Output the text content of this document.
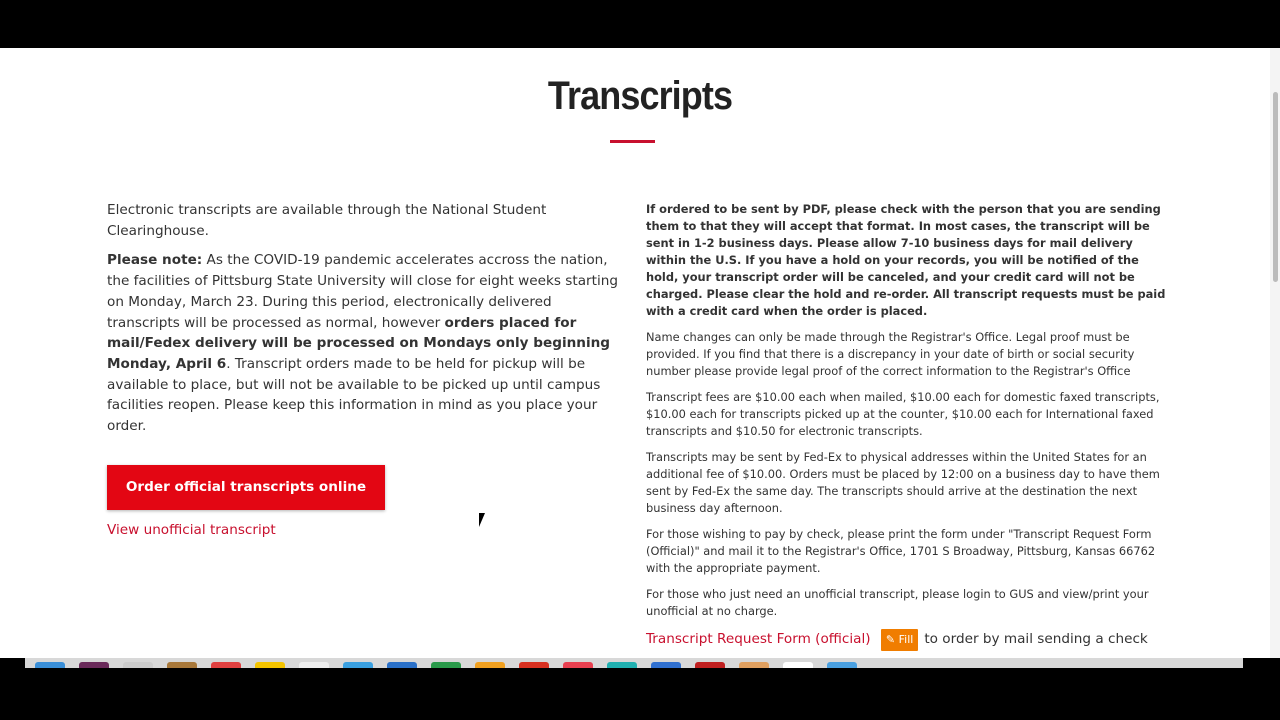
Transcripts

Electronic transcripts are available through the National Student Clearinghouse.

Please note: As the COVID-19 pandemic accelerates accross the nation, the facilities of Pittsburg State University will close for eight weeks starting on Monday, March 23. During this period, electronically delivered transcripts will be processed as normal, however orders placed for mail/Fedex delivery will be processed on Mondays only beginning Monday, April 6. Transcript orders made to be held for pickup will be available to place, but will not be available to be picked up until campus facilities reopen. Please keep this information in mind as you place your order.

Order official transcripts online
View unofficial transcript

If ordered to be sent by PDF, please check with the person that you are sending them to that they will accept that format. In most cases, the transcript will be sent in 1-2 business days. Please allow 7-10 business days for mail delivery within the U.S. If you have a hold on your records, you will be notified of the hold, your transcript order will be canceled, and your credit card will not be charged. Please clear the hold and re-order. All transcript requests must be paid with a credit card when the order is placed.

Name changes can only be made through the Registrar's Office. Legal proof must be provided. If you find that there is a discrepancy in your date of birth or social security number please provide legal proof of the correct information to the Registrar's Office

Transcript fees are $10.00 each when mailed, $10.00 each for domestic faxed transcripts, $10.00 each for transcripts picked up at the counter, $10.00 each for International faxed transcripts and $10.50 for electronic transcripts.

Transcripts may be sent by Fed-Ex to physical addresses within the United States for an additional fee of $10.00. Orders must be placed by 12:00 on a business day to have them sent by Fed-Ex the same day. The transcripts should arrive at the destination the next business day afternoon.

For those wishing to pay by check, please print the form under "Transcript Request Form (Official)" and mail it to the Registrar's Office, 1701 S Broadway, Pittsburg, Kansas 66762 with the appropriate payment.

For those who just need an unofficial transcript, please login to GUS and view/print your unofficial at no charge.

Transcript Request Form (official) ✎ Fill to order by mail sending a check
